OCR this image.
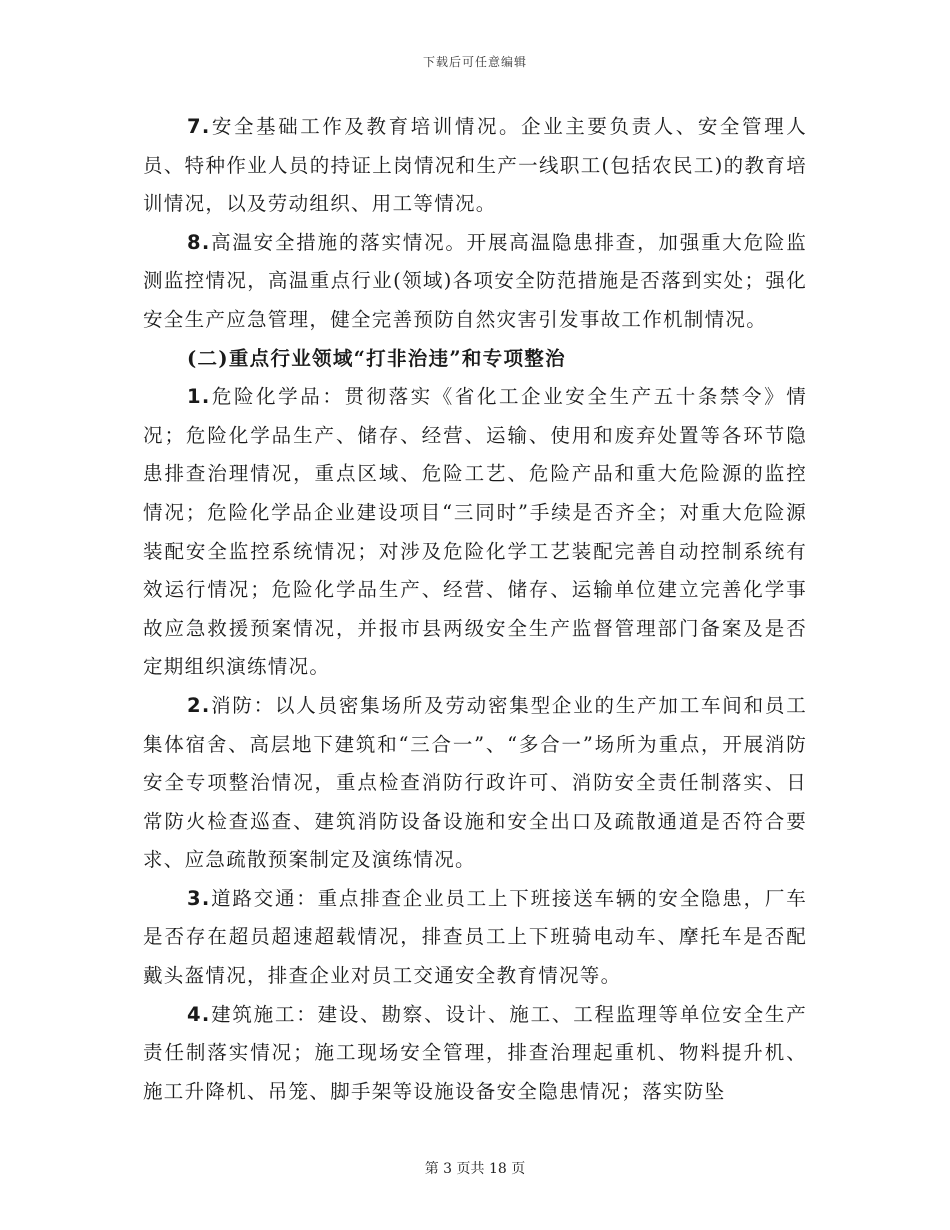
下载后可任意编辑

7.安全基础工作及教育培训情况。企业主要负责人、安全管理人员、特种作业人员的持证上岗情况和生产一线职工(包括农民工)的教育培训情况，以及劳动组织、用工等情况。

8.高温安全措施的落实情况。开展高温隐患排查，加强重大危险监测监控情况，高温重点行业(领域)各项安全防范措施是否落到实处；强化安全生产应急管理，健全完善预防自然灾害引发事故工作机制情况。

(二)重点行业领域“打非治违”和专项整治

1.危险化学品：贯彻落实《省化工企业安全生产五十条禁令》情况；危险化学品生产、储存、经营、运输、使用和废弃处置等各环节隐患排查治理情况，重点区域、危险工艺、危险产品和重大危险源的监控情况；危险化学品企业建设项目“三同时”手续是否齐全；对重大危险源装配安全监控系统情况；对涉及危险化学工艺装配完善自动控制系统有效运行情况；危险化学品生产、经营、储存、运输单位建立完善化学事故应急救援预案情况，并报市县两级安全生产监督管理部门备案及是否定期组织演练情况。

2.消防：以人员密集场所及劳动密集型企业的生产加工车间和员工集体宿舍、高层地下建筑和“三合一”、“多合一”场所为重点，开展消防安全专项整治情况，重点检查消防行政许可、消防安全责任制落实、日常防火检查巡查、建筑消防设备设施和安全出口及疏散通道是否符合要求、应急疏散预案制定及演练情况。

3.道路交通：重点排查企业员工上下班接送车辆的安全隐患，厂车是否存在超员超速超载情况，排查员工上下班骑电动车、摩托车是否配戴头盔情况，排查企业对员工交通安全教育情况等。

4.建筑施工：建设、勘察、设计、施工、工程监理等单位安全生产责任制落实情况；施工现场安全管理，排查治理起重机、物料提升机、施工升降机、吊笼、脚手架等设施设备安全隐患情况；落实防坠

第 3 页共 18 页
